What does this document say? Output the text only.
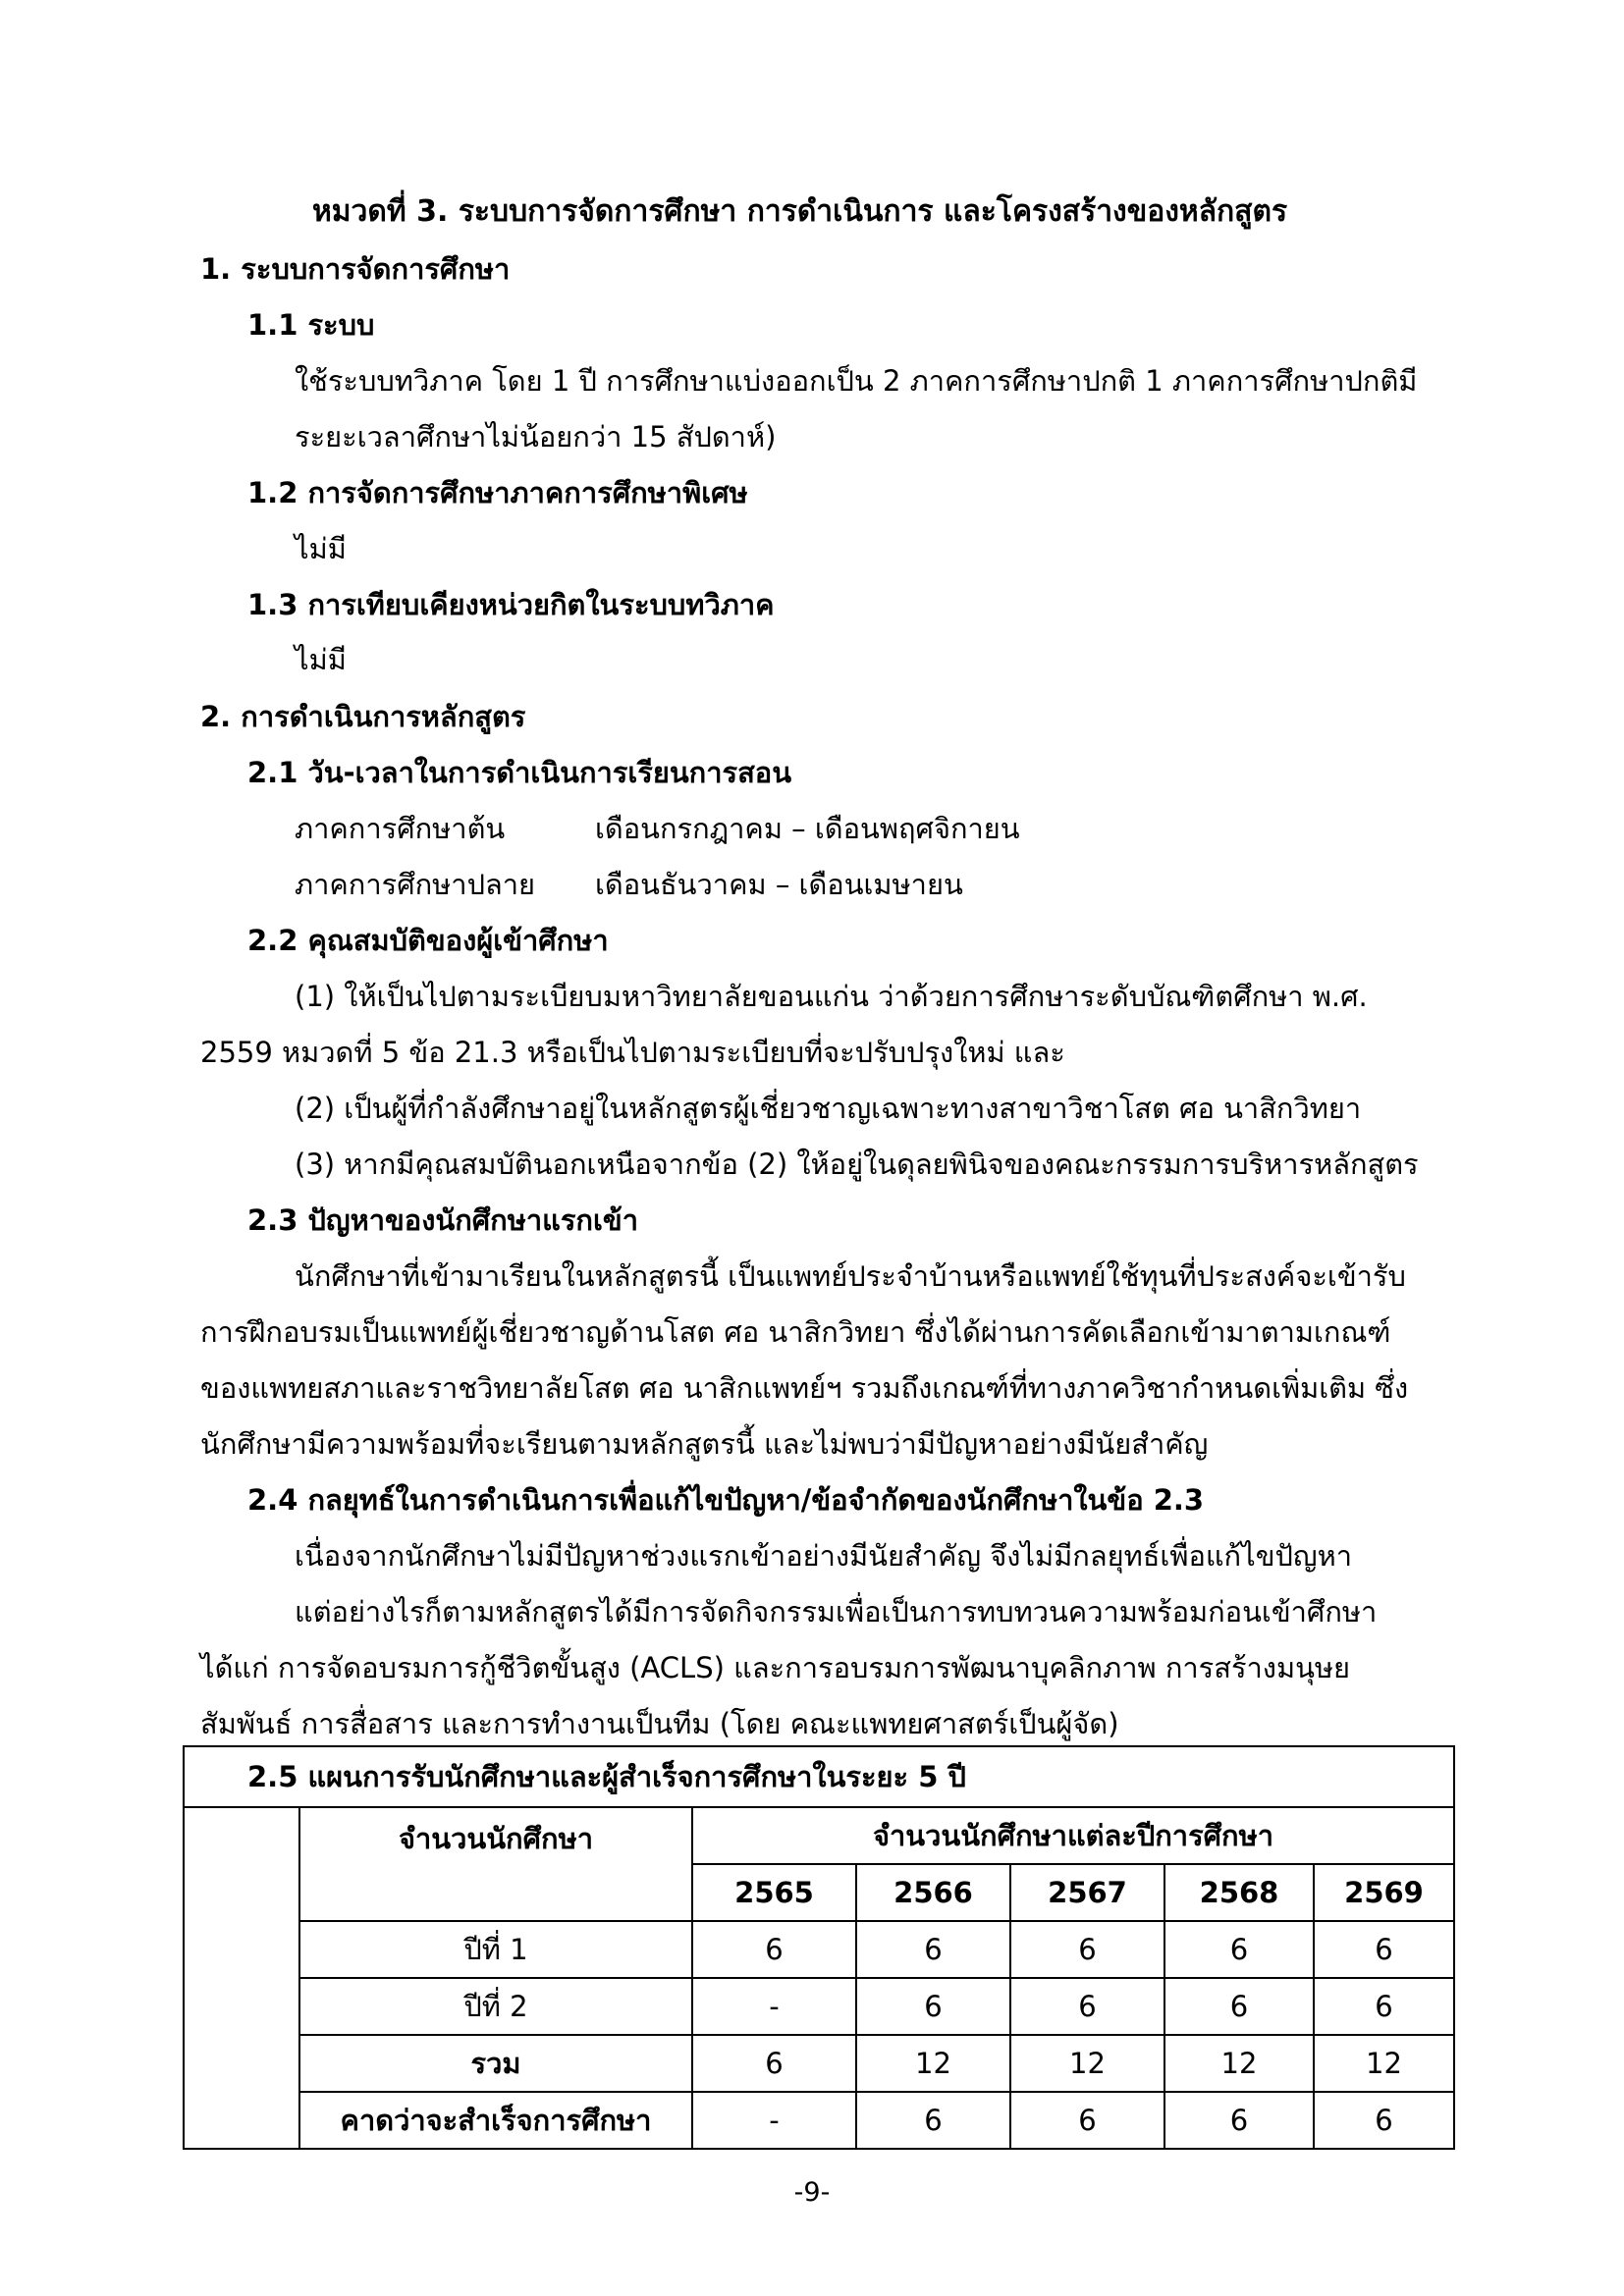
หมวดที่ 3. ระบบการจัดการศึกษา การดำเนินการ และโครงสร้างของหลักสูตร
1. ระบบการจัดการศึกษา
1.1 ระบบ
ใช้ระบบทวิภาค โดย 1 ปี การศึกษาแบ่งออกเป็น 2 ภาคการศึกษาปกติ 1 ภาคการศึกษาปกติมี
ระยะเวลาศึกษาไม่น้อยกว่า 15 สัปดาห์)
1.2 การจัดการศึกษาภาคการศึกษาพิเศษ
ไม่มี
1.3 การเทียบเคียงหน่วยกิตในระบบทวิภาค
ไม่มี
2. การดำเนินการหลักสูตร
2.1 วัน-เวลาในการดำเนินการเรียนการสอน
ภาคการศึกษาต้น	เดือนกรกฎาคม – เดือนพฤศจิกายน
ภาคการศึกษาปลาย เดือนธันวาคม – เดือนเมษายน
2.2 คุณสมบัติของผู้เข้าศึกษา
(1) ให้เป็นไปตามระเบียบมหาวิทยาลัยขอนแก่น ว่าด้วยการศึกษาระดับบัณฑิตศึกษา พ.ศ.
2559 หมวดที่ 5 ข้อ 21.3 หรือเป็นไปตามระเบียบที่จะปรับปรุงใหม่ และ
(2) เป็นผู้ที่กำลังศึกษาอยู่ในหลักสูตรผู้เชี่ยวชาญเฉพาะทางสาขาวิชาโสต ศอ นาสิกวิทยา
(3) หากมีคุณสมบัตินอกเหนือจากข้อ (2) ให้อยู่ในดุลยพินิจของคณะกรรมการบริหารหลักสูตร
2.3 ปัญหาของนักศึกษาแรกเข้า
นักศึกษาที่เข้ามาเรียนในหลักสูตรนี้ เป็นแพทย์ประจำบ้านหรือแพทย์ใช้ทุนที่ประสงค์จะเข้ารับ
การฝึกอบรมเป็นแพทย์ผู้เชี่ยวชาญด้านโสต ศอ นาสิกวิทยา ซึ่งได้ผ่านการคัดเลือกเข้ามาตามเกณฑ์
ของแพทยสภาและราชวิทยาลัยโสต ศอ นาสิกแพทย์ฯ รวมถึงเกณฑ์ที่ทางภาควิชากำหนดเพิ่มเติม ซึ่ง
นักศึกษามีความพร้อมที่จะเรียนตามหลักสูตรนี้ และไม่พบว่ามีปัญหาอย่างมีนัยสำคัญ
2.4 กลยุทธ์ในการดำเนินการเพื่อแก้ไขปัญหา/ข้อจำกัดของนักศึกษาในข้อ 2.3
เนื่องจากนักศึกษาไม่มีปัญหาช่วงแรกเข้าอย่างมีนัยสำคัญ จึงไม่มีกลยุทธ์เพื่อแก้ไขปัญหา
แต่อย่างไรก็ตามหลักสูตรได้มีการจัดกิจกรรมเพื่อเป็นการทบทวนความพร้อมก่อนเข้าศึกษา
ได้แก่ การจัดอบรมการกู้ชีวิตขั้นสูง (ACLS) และการอบรมการพัฒนาบุคลิกภาพ การสร้างมนุษย
สัมพันธ์ การสื่อสาร และการทำงานเป็นทีม (โดย คณะแพทยศาสตร์เป็นผู้จัด)
2.5 แผนการรับนักศึกษาและผู้สำเร็จการศึกษาในระยะ 5 ปี						
	จำนวนนักศึกษา	จำนวนนักศึกษาแต่ละปีการศึกษา				
		2565	2566	2567	2568	2569
	ปีที่ 1	6	6	6	6	6
	ปีที่ 2	-	6	6	6	6
	รวม	6	12	12	12	12
	คาดว่าจะสำเร็จการศึกษา	-	6	6	6	6
-9-
